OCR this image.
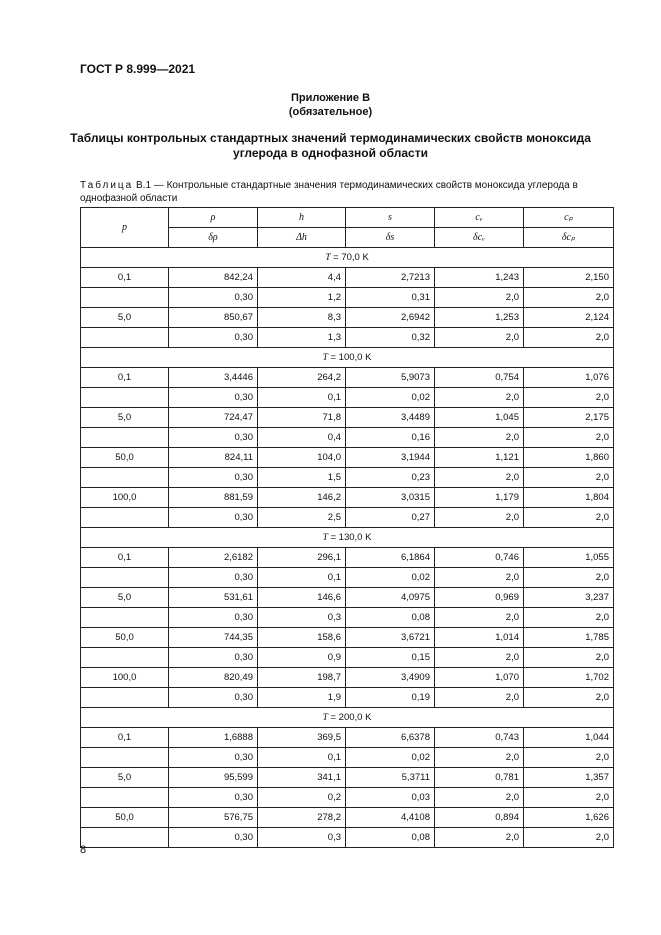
ГОСТ Р 8.999—2021
Приложение В
(обязательное)
Таблицы контрольных стандартных значений термодинамических свойств моноксида углерода в однофазной области
Таблица В.1 — Контрольные стандартные значения термодинамических свойств моноксида углерода в однофазной области
p	ρ	h	s	cᵥ	cₚ
	δρ	Δh	δs	δcᵥ	δcₚ
T = 70,0 K					
0,1	842,24	4,4	2,7213	1,243	2,150
	0,30	1,2	0,31	2,0	2,0
5,0	850,67	8,3	2,6942	1,253	2,124
	0,30	1,3	0,32	2,0	2,0
T = 100,0 K					
0,1	3,4446	264,2	5,9073	0,754	1,076
	0,30	0,1	0,02	2,0	2,0
5,0	724,47	71,8	3,4489	1,045	2,175
	0,30	0,4	0,16	2,0	2,0
50,0	824,11	104,0	3,1944	1,121	1,860
	0,30	1,5	0,23	2,0	2,0
100,0	881,59	146,2	3,0315	1,179	1,804
	0,30	2,5	0,27	2,0	2,0
T = 130,0 K					
0,1	2,6182	296,1	6,1864	0,746	1,055
	0,30	0,1	0,02	2,0	2,0
5,0	531,61	146,6	4,0975	0,969	3,237
	0,30	0,3	0,08	2,0	2,0
50,0	744,35	158,6	3,6721	1,014	1,785
	0,30	0,9	0,15	2,0	2,0
100,0	820,49	198,7	3,4909	1,070	1,702
	0,30	1,9	0,19	2,0	2,0
T = 200,0 K					
0,1	1,6888	369,5	6,6378	0,743	1,044
	0,30	0,1	0,02	2,0	2,0
5,0	95,599	341,1	5,3711	0,781	1,357
	0,30	0,2	0,03	2,0	2,0
50,0	576,75	278,2	4,4108	0,894	1,626
	0,30	0,3	0,08	2,0	2,0
8
